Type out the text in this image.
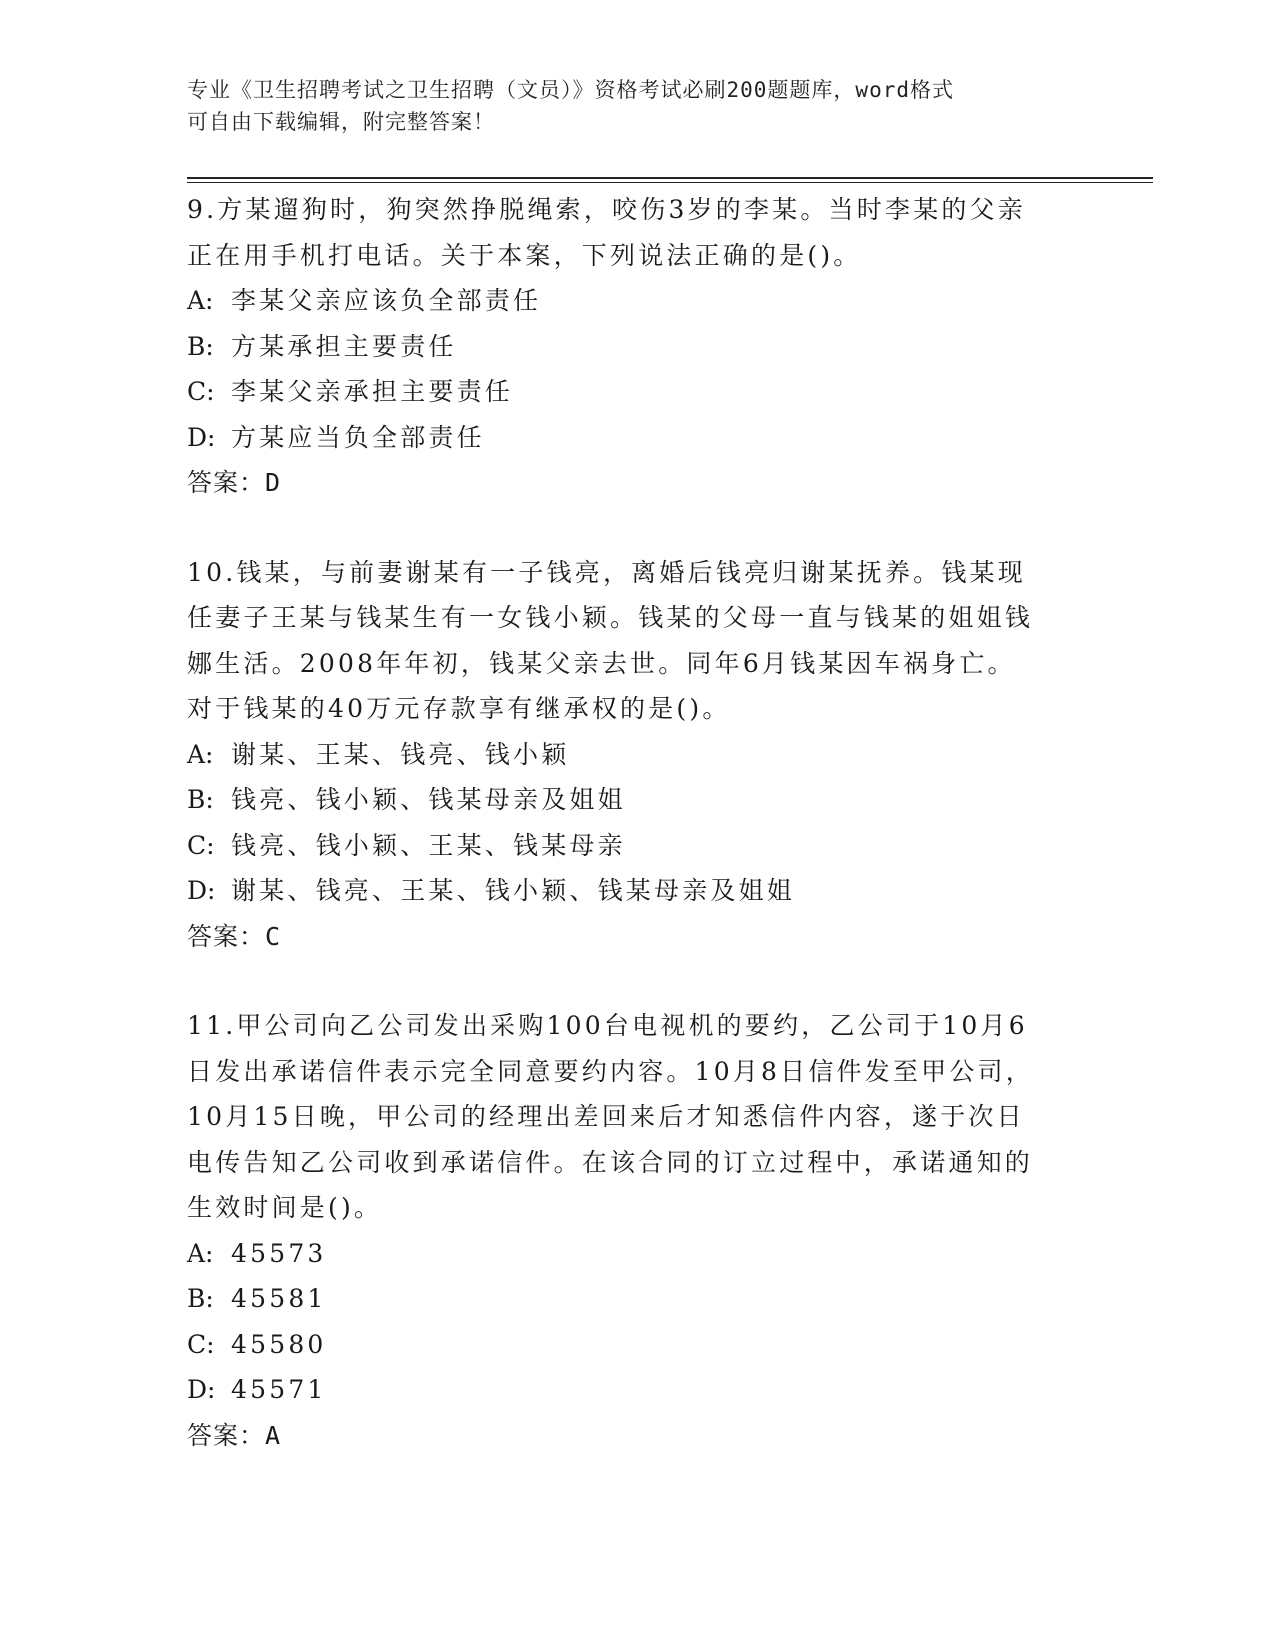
专业《卫生招聘考试之卫生招聘（文员）》资格考试必刷200题题库，word格式
可自由下载编辑，附完整答案！

9.方某遛狗时，狗突然挣脱绳索，咬伤3岁的李某。当时李某的父亲正在用手机打电话。关于本案，下列说法正确的是()。

A: 李某父亲应该负全部责任
B: 方某承担主要责任
C: 李某父亲承担主要责任
D: 方某应当负全部责任
答案：D

10.钱某，与前妻谢某有一子钱亮，离婚后钱亮归谢某抚养。钱某现任妻子王某与钱某生有一女钱小颖。钱某的父母一直与钱某的姐姐钱娜生活。2008年年初，钱某父亲去世。同年6月钱某因车祸身亡。对于钱某的40万元存款享有继承权的是()。

A: 谢某、王某、钱亮、钱小颖
B: 钱亮、钱小颖、钱某母亲及姐姐
C: 钱亮、钱小颖、王某、钱某母亲
D: 谢某、钱亮、王某、钱小颖、钱某母亲及姐姐
答案：C

11.甲公司向乙公司发出采购100台电视机的要约，乙公司于10月6日发出承诺信件表示完全同意要约内容。10月8日信件发至甲公司，10月15日晚，甲公司的经理出差回来后才知悉信件内容，遂于次日电传告知乙公司收到承诺信件。在该合同的订立过程中，承诺通知的生效时间是()。

A: 45573
B: 45581
C: 45580
D: 45571
答案：A
